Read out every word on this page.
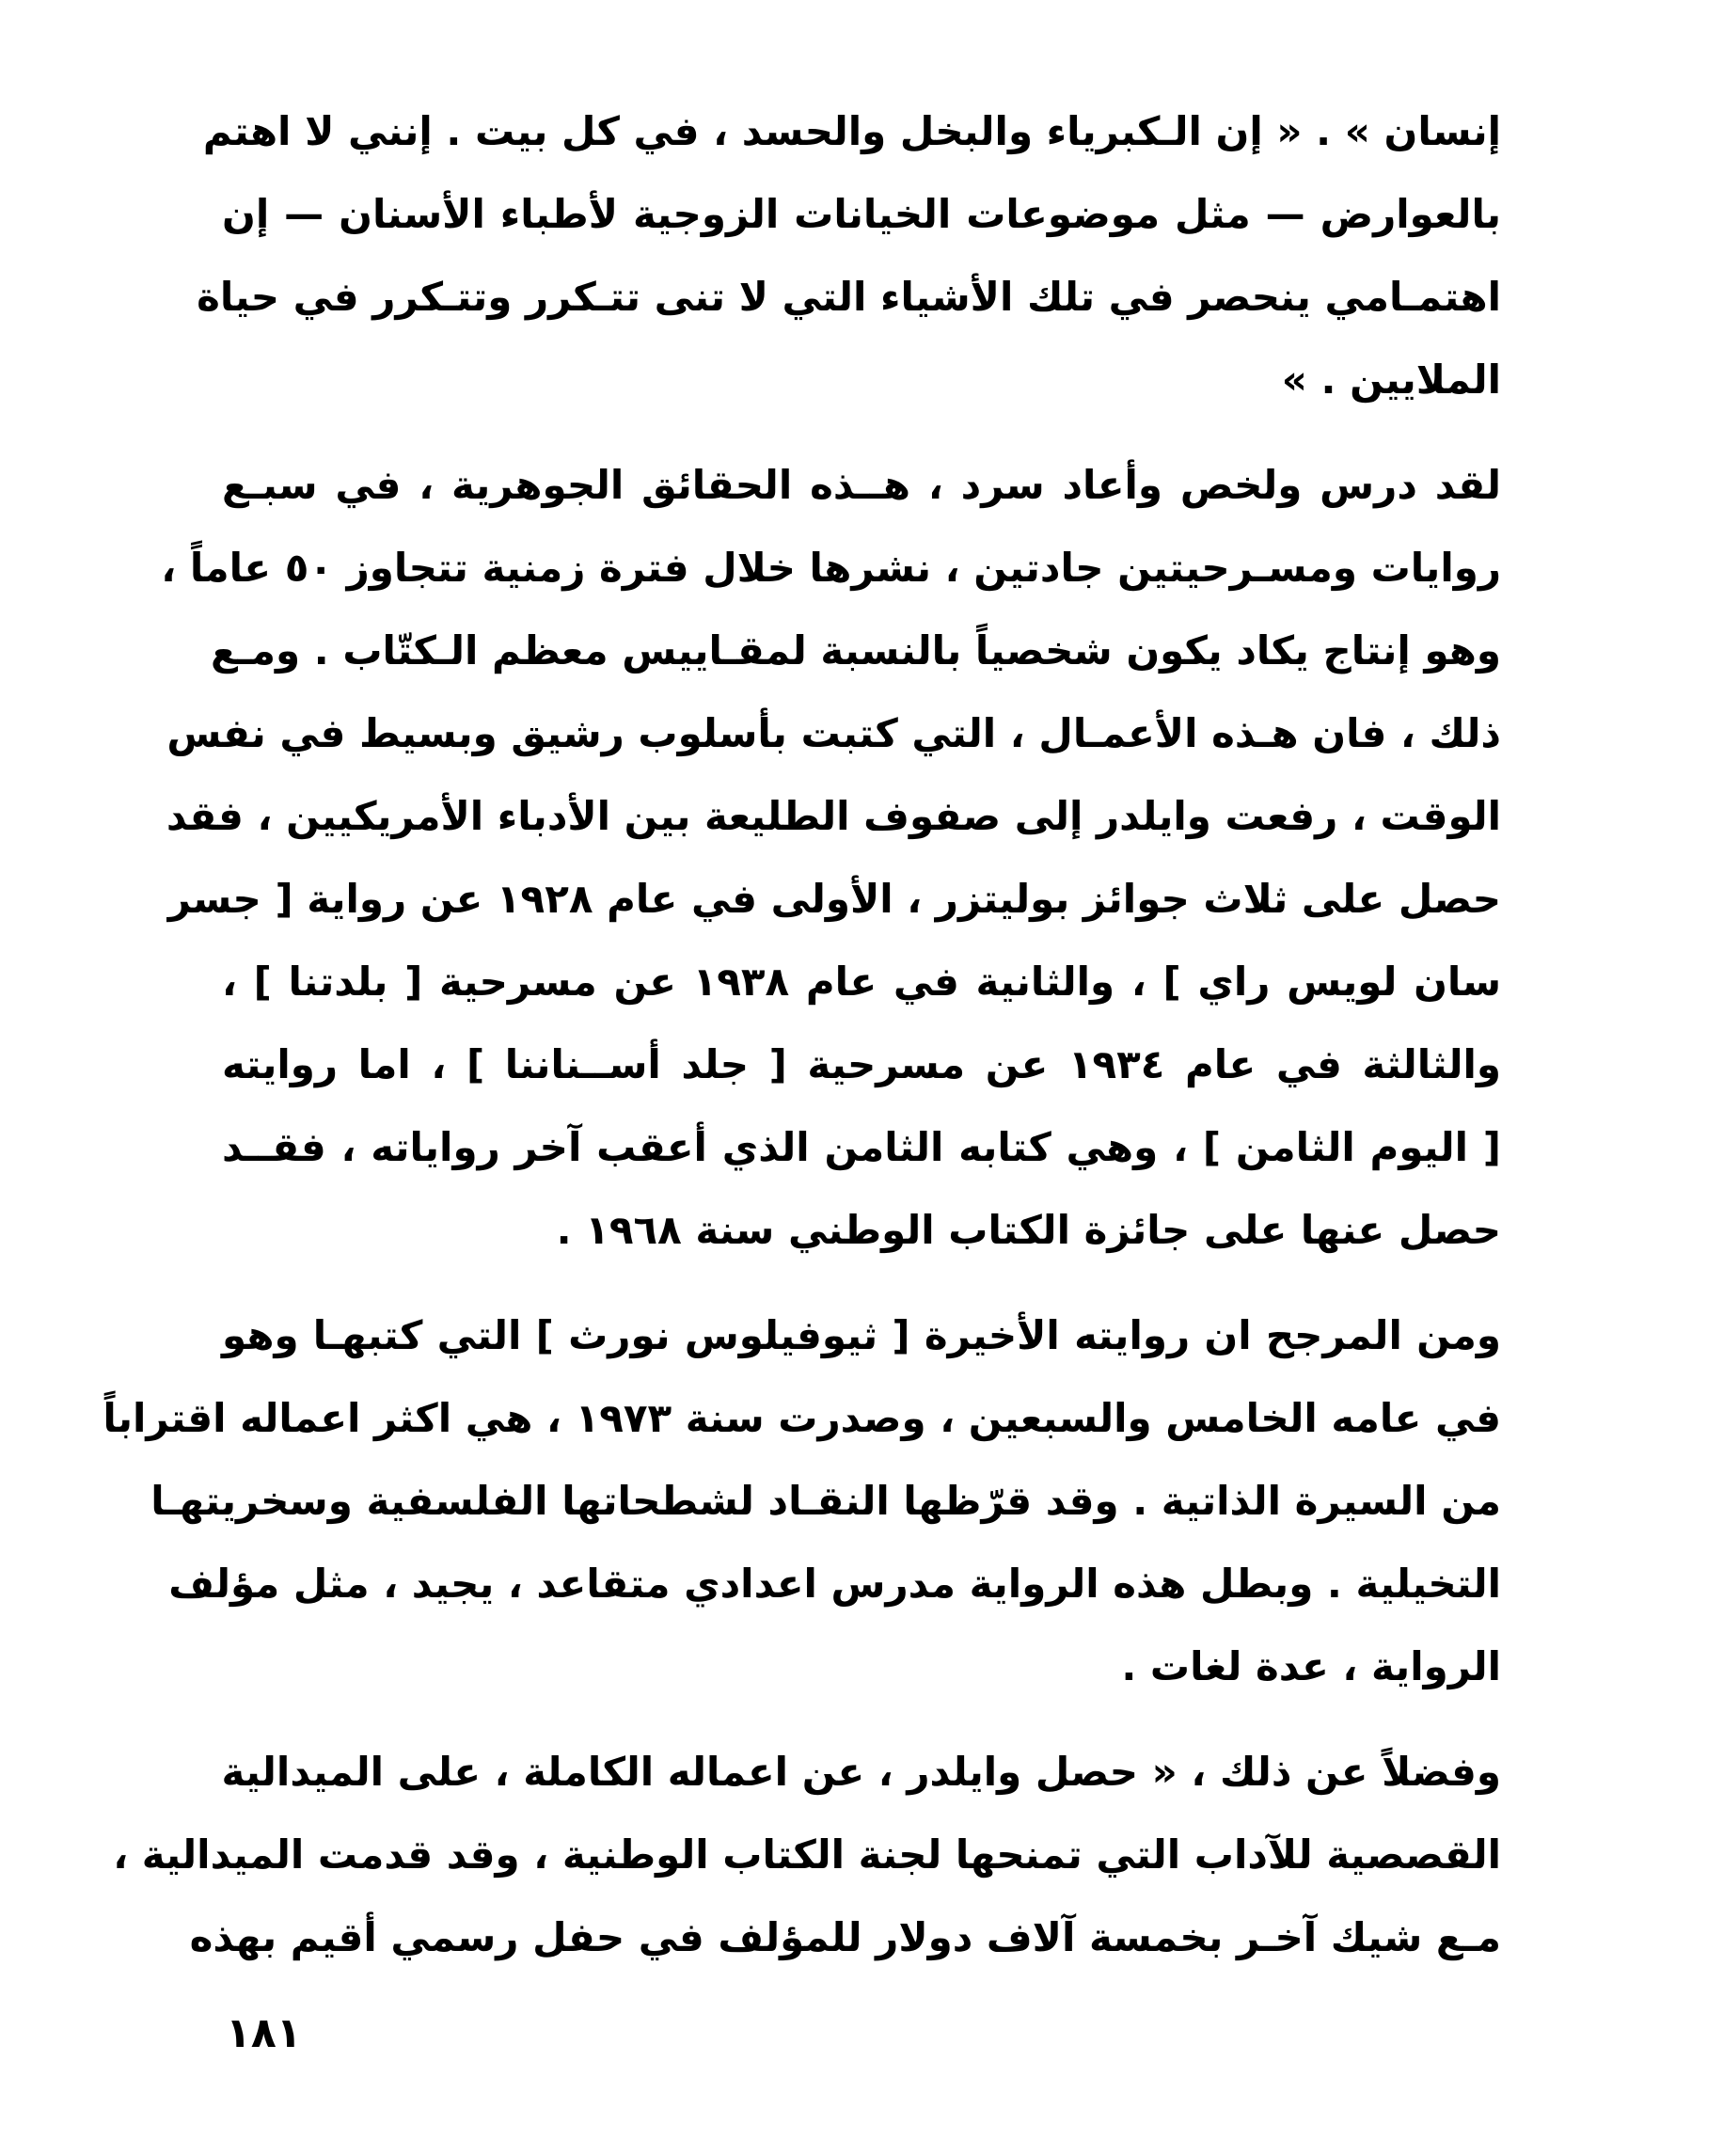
إنسان » . « إن الـكبرياء والبخل والحسد ، في كل بيت . إنني لا اهتم
بالعوارض — مثل موضوعات الخيانات الزوجية لأطباء الأسنان — إن
اهتمـامي ينحصر في تلك الأشياء التي لا تنى تتـكرر وتتـكرر في حياة
الملايين . »
لقد درس ولخص وأعاد سرد ، هــذه الحقائق الجوهرية ، في سبـع
روايات ومسـرحيتين جادتين ، نشرها خلال فترة زمنية تتجاوز ٥٠ عاماً ،
وهو إنتاج يكاد يكون شخصياً بالنسبة لمقـاييس معظم الـكتّاب . ومـع
ذلك ، فان هـذه الأعمـال ، التي كتبت بأسلوب رشيق وبسيط في نفس
الوقت ، رفعت وايلدر إلى صفوف الطليعة بين الأدباء الأمريكيين ، فقد
حصل على ثلاث جوائز بوليتزر ، الأولى في عام ١٩٢٨ عن رواية [ جسر
سان لويس راي ] ، والثانية في عام ١٩٣٨ عن مسرحية [ بلدتنا ] ،
والثالثة في عام ١٩٣٤ عن مسرحية [ جلد أســناننا ] ، اما روايته
[ اليوم الثامن ] ، وهي كتابه الثامن الذي أعقب آخر رواياته ، فقــد
حصل عنها على جائزة الكتاب الوطني سنة ١٩٦٨ .
ومن المرجح ان روايته الأخيرة [ ثيوفيلوس نورث ] التي كتبهـا وهو
في عامه الخامس والسبعين ، وصدرت سنة ١٩٧٣ ، هي اكثر اعماله اقتراباً
من السيرة الذاتية . وقد قرّظها النقـاد لشطحاتها الفلسفية وسخريتهـا
التخيلية . وبطل هذه الرواية مدرس اعدادي متقاعد ، يجيد ، مثل مؤلف
الرواية ، عدة لغات .
وفضلاً عن ذلك ، « حصل وايلدر ، عن اعماله الكاملة ، على الميدالية
القصصية للآداب التي تمنحها لجنة الكتاب الوطنية ، وقد قدمت الميدالية ،
مـع شيك آخـر بخمسة آلاف دولار للمؤلف في حفل رسمي أقيم بهذه
١٨١
